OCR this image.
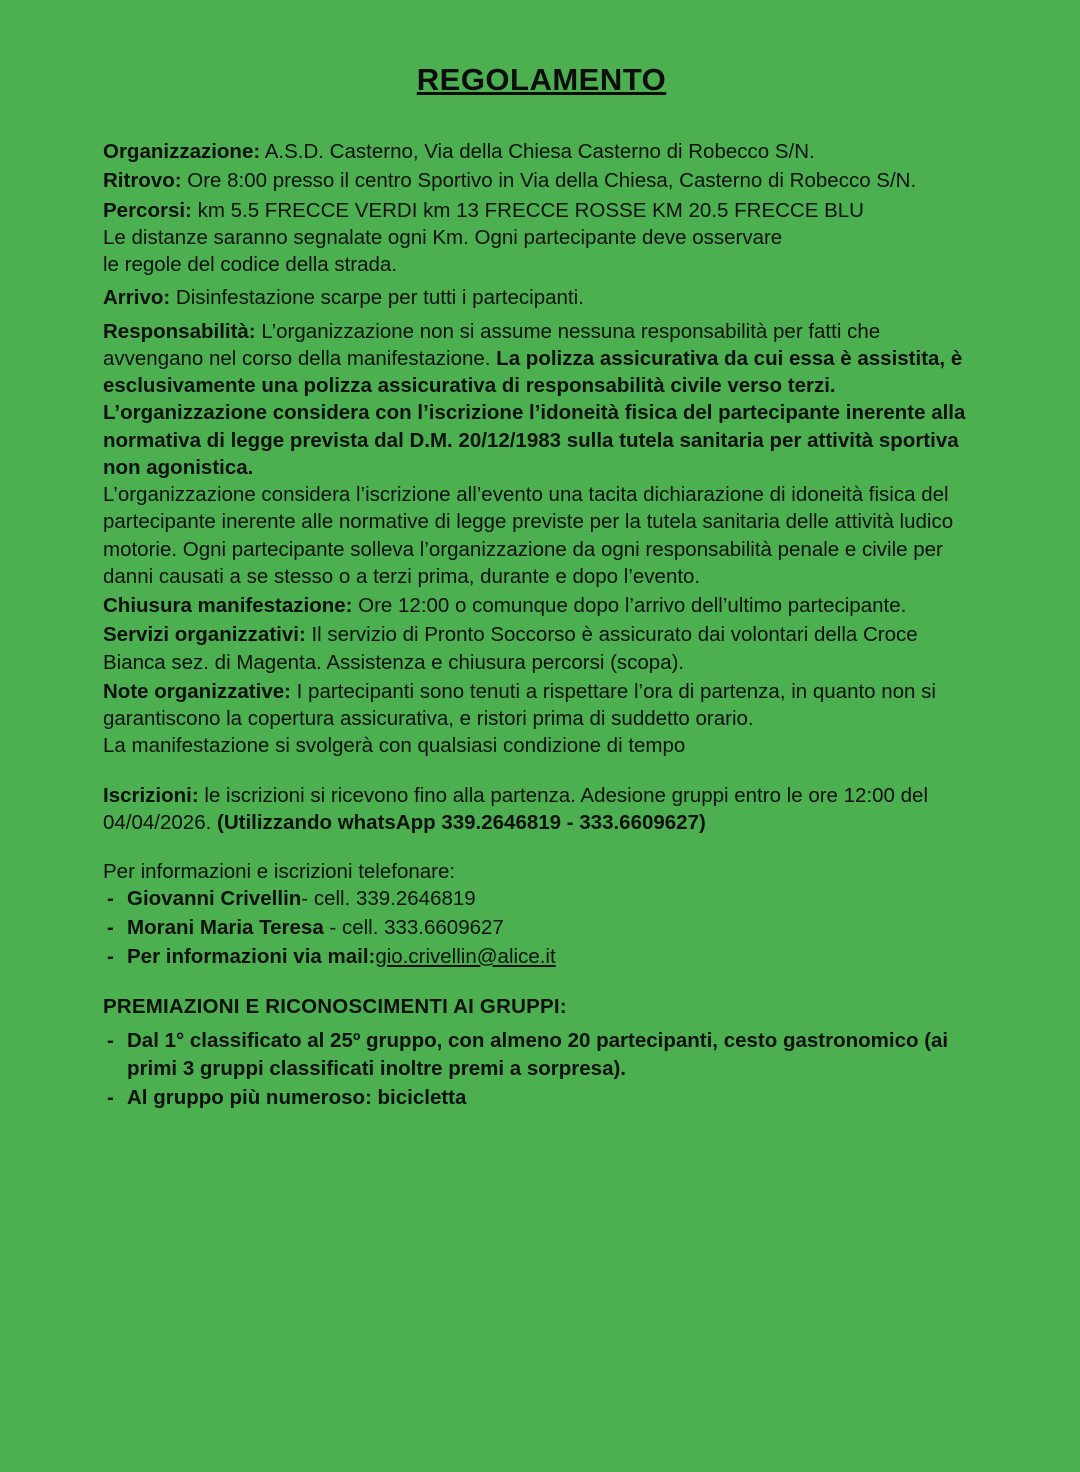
REGOLAMENTO

Organizzazione: A.S.D. Casterno, Via della Chiesa Casterno di Robecco S/N.

Ritrovo: Ore 8:00 presso il centro Sportivo in Via della Chiesa, Casterno di Robecco S/N.

Percorsi: km 5.5 FRECCE VERDI km 13 FRECCE ROSSE KM 20.5 FRECCE BLU

Le distanze saranno segnalate ogni Km. Ogni partecipante deve osservare

le regole del codice della strada.

Arrivo: Disinfestazione scarpe per tutti i partecipanti.

Responsabilità: L’organizzazione non si assume nessuna responsabilità per fatti che avvengano nel corso della manifestazione. La polizza assicurativa da cui essa è assistita, è esclusivamente una polizza assicurativa di responsabilità civile verso terzi. L’organizzazione considera con l’iscrizione l’idoneità fisica del partecipante inerente alla normativa di legge prevista dal D.M. 20/12/1983 sulla tutela sanitaria per attività sportiva non agonistica.

L’organizzazione considera l’iscrizione all’evento una tacita dichiarazione di idoneità fisica del partecipante inerente alle normative di legge previste per la tutela sanitaria delle attività ludico motorie. Ogni partecipante solleva l’organizzazione da ogni responsabilità penale e civile per danni causati a se stesso o a terzi prima, durante e dopo l’evento.

Chiusura manifestazione: Ore 12:00 o comunque dopo l’arrivo dell’ultimo partecipante.

Servizi organizzativi: Il servizio di Pronto Soccorso è assicurato dai volontari della Croce Bianca sez. di Magenta. Assistenza e chiusura percorsi (scopa).

Note organizzative: I partecipanti sono tenuti a rispettare l’ora di partenza, in quanto non si garantiscono la copertura assicurativa, e ristori prima di suddetto orario.

La manifestazione si svolgerà con qualsiasi condizione di tempo

Iscrizioni: le iscrizioni si ricevono fino alla partenza. Adesione gruppi entro le ore 12:00 del 04/04/2026. (Utilizzando whatsApp 339.2646819 - 333.6609627)

Per informazioni e iscrizioni telefonare:

- Giovanni Crivellin- cell. 339.2646819
- Morani Maria Teresa - cell. 333.6609627
- Per informazioni via mail:gio.crivellin@alice.it

PREMIAZIONI E RICONOSCIMENTI AI GRUPPI:

- Dal 1° classificato al 25º gruppo, con almeno 20 partecipanti, cesto gastronomico (ai primi 3 gruppi classificati inoltre premi a sorpresa).
- Al gruppo più numeroso: bicicletta
